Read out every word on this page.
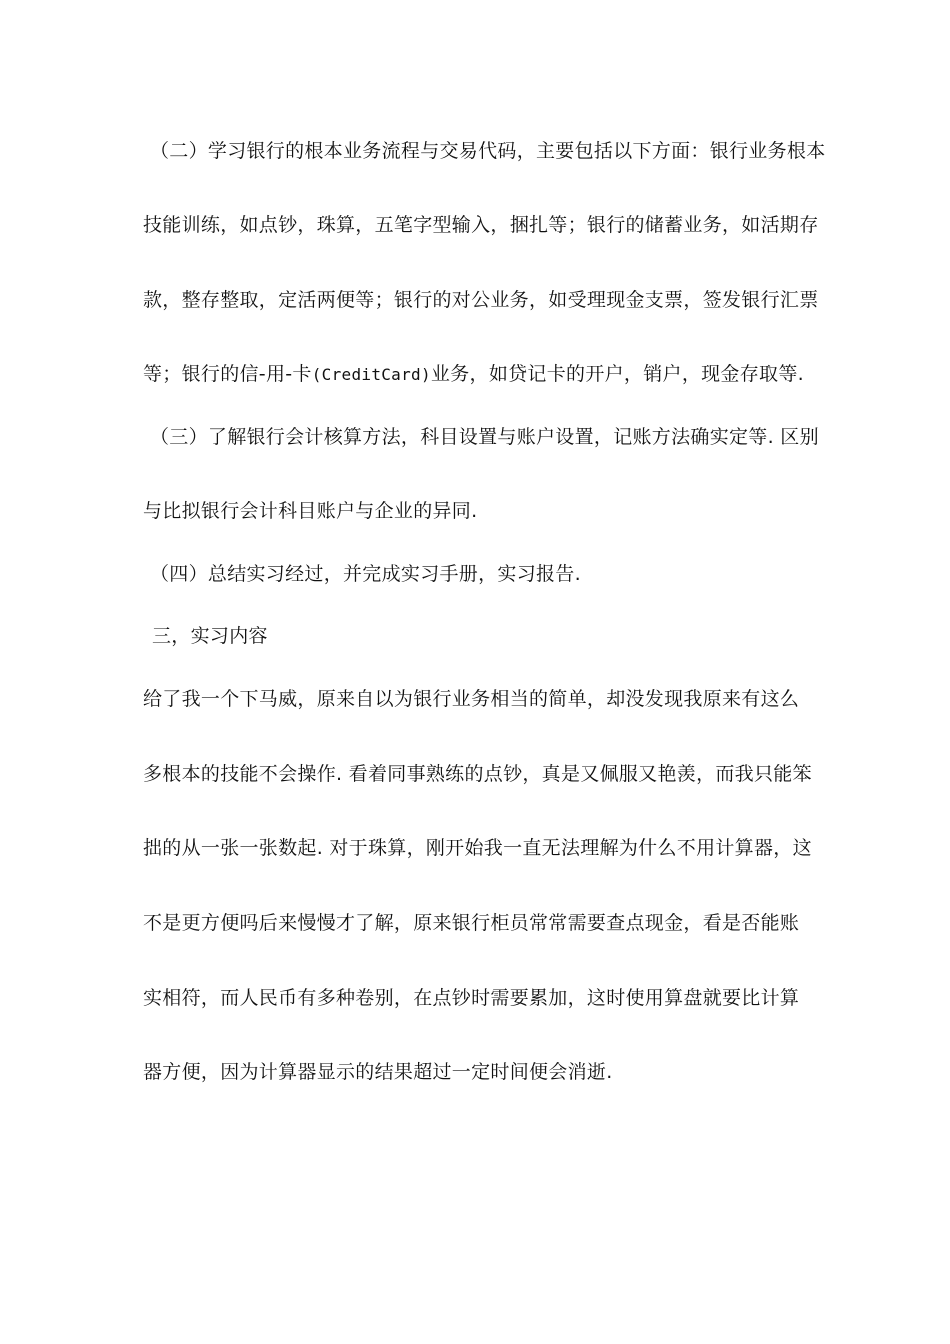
（二）学习银行的根本业务流程与交易代码，主要包括以下方面：银行业务根本
技能训练，如点钞，珠算，五笔字型输入，捆扎等；银行的储蓄业务，如活期存
款，整存整取，定活两便等；银行的对公业务，如受理现金支票，签发银行汇票
等；银行的信-用-卡(CreditCard)业务，如贷记卡的开户，销户，现金存取等.
（三）了解银行会计核算方法，科目设置与账户设置，记账方法确实定等. 区别
与比拟银行会计科目账户与企业的异同.
（四）总结实习经过，并完成实习手册，实习报告.
三，实习内容
给了我一个下马威，原来自以为银行业务相当的简单，却没发现我原来有这么
多根本的技能不会操作. 看着同事熟练的点钞，真是又佩服又艳羡，而我只能笨
拙的从一张一张数起. 对于珠算，刚开始我一直无法理解为什么不用计算器，这
不是更方便吗后来慢慢才了解，原来银行柜员常常需要查点现金，看是否能账
实相符，而人民币有多种卷别，在点钞时需要累加，这时使用算盘就要比计算
器方便，因为计算器显示的结果超过一定时间便会消逝.
